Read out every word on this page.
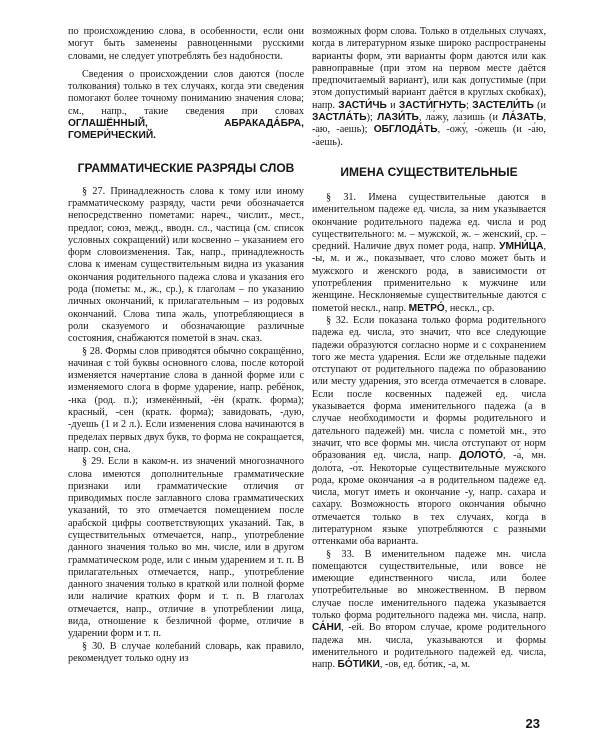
по происхождению слова, в особенности, если они могут быть заменены равноценными русскими словами, не следует употреблять без надобности.

Сведения о происхождении слов даются (после толкования) только в тех случаях, когда эти сведения помогают более точному пониманию значения слова; см., напр., такие сведения при словах ОГЛАШЁННЫЙ, АБРАКАДА́БРА, ГОМЕРИ́ЧЕСКИЙ.

ГРАММАТИЧЕСКИЕ РАЗРЯДЫ СЛОВ

§ 27. Принадлежность слова к тому или иному грамматическому разряду, части речи обозначается непосредственно пометами: нареч., числит., мест., предлог, союз, межд., вводн. сл., частица (см. список условных сокращений) или косвенно – указанием его форм словоизменения. Так, напр., принадлежность слова к именам существительным видна из указания окончания родительного падежа слова и указания его рода (пометы: м., ж., ср.), к глаголам – по указанию личных окончаний, к прилагательным – из родовых окончаний. Слова типа жаль, употребляющиеся в роли сказуемого и обозначающие различные состояния, снабжаются пометой в знач. сказ.

§ 28. Формы слов приводятся обычно сокращённо, начиная с той буквы основного слова, после которой изменяется начертание слова в данной форме или с изменяемого слога в форме ударение, напр. ребёнок, -нка (род. п.); изменённый, -ён (кратк. форма); красный, -сен (кратк. форма); завидовать, -дую, -дуешь (1 и 2 л.). Если изменения слова начинаются в пределах первых двух букв, то форма не сокращается, напр. сон, сна.

§ 29. Если в каком-н. из значений многозначного слова имеются дополнительные грамматические признаки или грамматические отличия от приводимых после заглавного слова грамматических указаний, то это отмечается помещением после арабской цифры соответствующих указаний. Так, в существительных отмечается, напр., употребление данного значения только во мн. числе, или в другом грамматическом роде, или с иным ударением и т. п. В прилагательных отмечается, напр., употребление данного значения только в краткой или полной форме или наличие кратких форм и т. п. В глаголах отмечается, напр., отличие в употреблении лица, вида, отношение к безличной форме, отличие в ударении форм и т. п.

§ 30. В случае колебаний словарь, как правило, рекомендует только одну из

возможных форм слова. Только в отдельных случаях, когда в литературном языке широко распространены варианты форм, эти варианты форм даются или как равноправные (при этом на первом месте даётся предпочитаемый вариант), или как допустимые (при этом допустимый вариант даётся в круглых скобках), напр. ЗАСТИ́ЧЬ и ЗАСТИ́ГНУТЬ; ЗАСТЕЛИ́ТЬ (и ЗАСТЛА́ТЬ); ЛАЗИ́ТЬ, ла́жу, ла́зишь (и ЛА́ЗАТЬ, -аю, -аешь); ОБГЛОДА́ТЬ, -ожу́, -о́жешь (и -а́ю, -а́ешь).

ИМЕНА СУЩЕСТВИТЕЛЬНЫЕ

§ 31. Имена существительные даются в именительном падеже ед. числа, за ним указывается окончание родительного падежа ед. числа и род существительного: м. – мужской, ж. – женский, ср. – средний. Наличие двух помет рода, напр. УМНИ́ЦА, -ы, м. и ж., показывает, что слово может быть и мужского и женского рода, в зависимости от употребления применительно к мужчине или женщине. Несклоняемые существительные даются с пометой нескл., напр. МЕТРО́, нескл., ср.

§ 32. Если показана только форма родительного падежа ед. числа, это значит, что все следующие падежи образуются согласно норме и с сохранением того же места ударения. Если же отдельные падежи отступают от родительного падежа по образованию или месту ударения, это всегда отмечается в словаре. Если после косвенных падежей ед. числа указывается форма именительного падежа (а в случае необходимости и формы родительного и дательного падежей) мн. числа с пометой мн., это значит, что все формы мн. числа отступают от норм образования ед. числа, напр. ДОЛОТО́, -а́, мн. доло́та, -о́т. Некоторые существительные мужского рода, кроме окончания -а в родительном падеже ед. числа, могут иметь и окончание -у, напр. сахара и сахару. Возможность второго окончания обычно отмечается только в тех случаях, когда в литературном языке употребляются с разными оттенками оба варианта.

§ 33. В именительном падеже мн. числа помещаются существительные, или вовсе не имеющие единственного числа, или более употребительные во множественном. В первом случае после именительного падежа указывается только форма родительного падежа мн. числа, напр. СА́НИ, -е́й. Во втором случае, кроме родительного падежа мн. числа, указываются и формы именительного и родительного падежей ед. числа, напр. БО́ТИКИ, -ов, ед. бо́тик, -а, м.

23
